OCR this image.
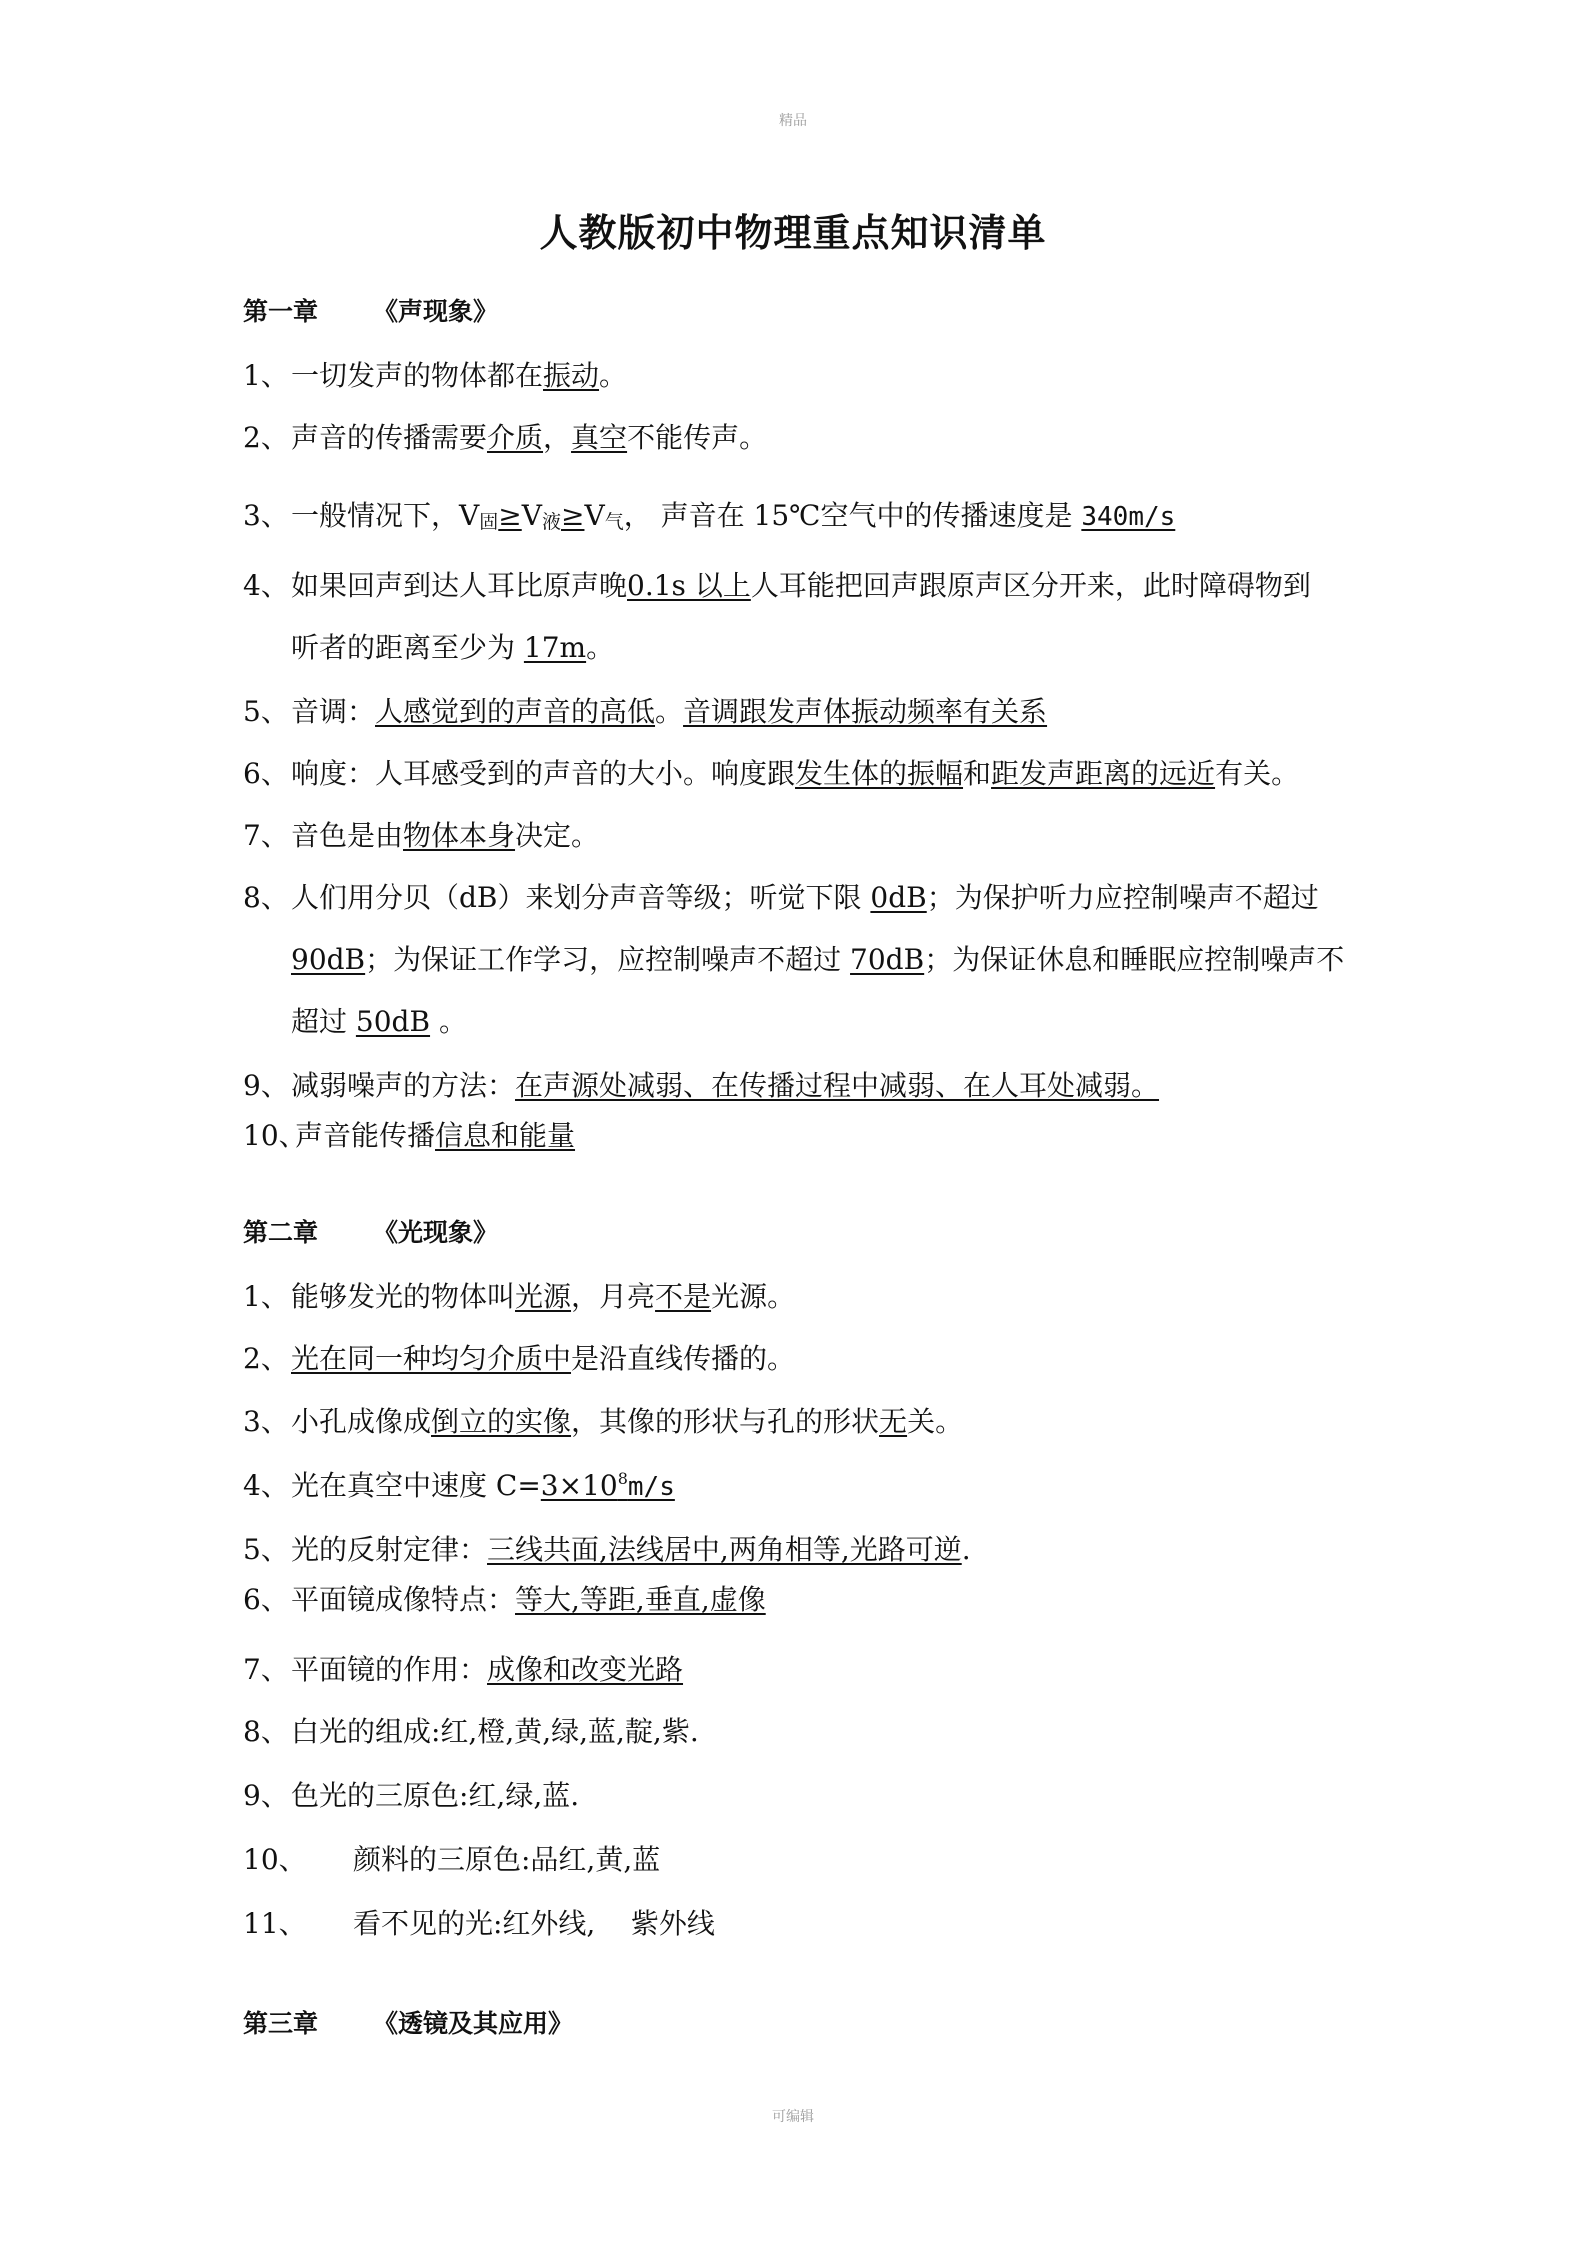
精品
人教版初中物理重点知识清单
第一章 《声现象》
1、一切发声的物体都在振动。
2、声音的传播需要介质，真空不能传声。
3、一般情况下，V固≥V液≥V气， 声音在 15℃空气中的传播速度是 340m/s
4、如果回声到达人耳比原声晚0.1s 以上人耳能把回声跟原声区分开来，此时障碍物到
听者的距离至少为 17m。
5、音调：人感觉到的声音的高低。音调跟发声体振动频率有关系
6、响度：人耳感受到的声音的大小。响度跟发生体的振幅和距发声距离的远近有关。
7、音色是由物体本身决定。
8、人们用分贝（dB）来划分声音等级；听觉下限 0dB；为保护听力应控制噪声不超过
90dB；为保证工作学习，应控制噪声不超过 70dB；为保证休息和睡眠应控制噪声不
超过 50dB 。
9、减弱噪声的方法：在声源处减弱、在传播过程中减弱、在人耳处减弱。
10、声音能传播信息和能量
第二章 《光现象》
1、能够发光的物体叫光源，月亮不是光源。
2、光在同一种均匀介质中是沿直线传播的。
3、小孔成像成倒立的实像，其像的形状与孔的形状无关。
4、光在真空中速度 $C=3\times 10^8m/s$
5、光的反射定律：三线共面,法线居中,两角相等,光路可逆.
6、平面镜成像特点：等大,等距,垂直,虚像
7、平面镜的作用：成像和改变光路
8、白光的组成:红,橙,黄,绿,蓝,靛,紫.
9、色光的三原色:红,绿,蓝.
10、 颜料的三原色:品红,黄,蓝
11、 看不见的光:红外线,    紫外线
第三章 《透镜及其应用》
可编辑
